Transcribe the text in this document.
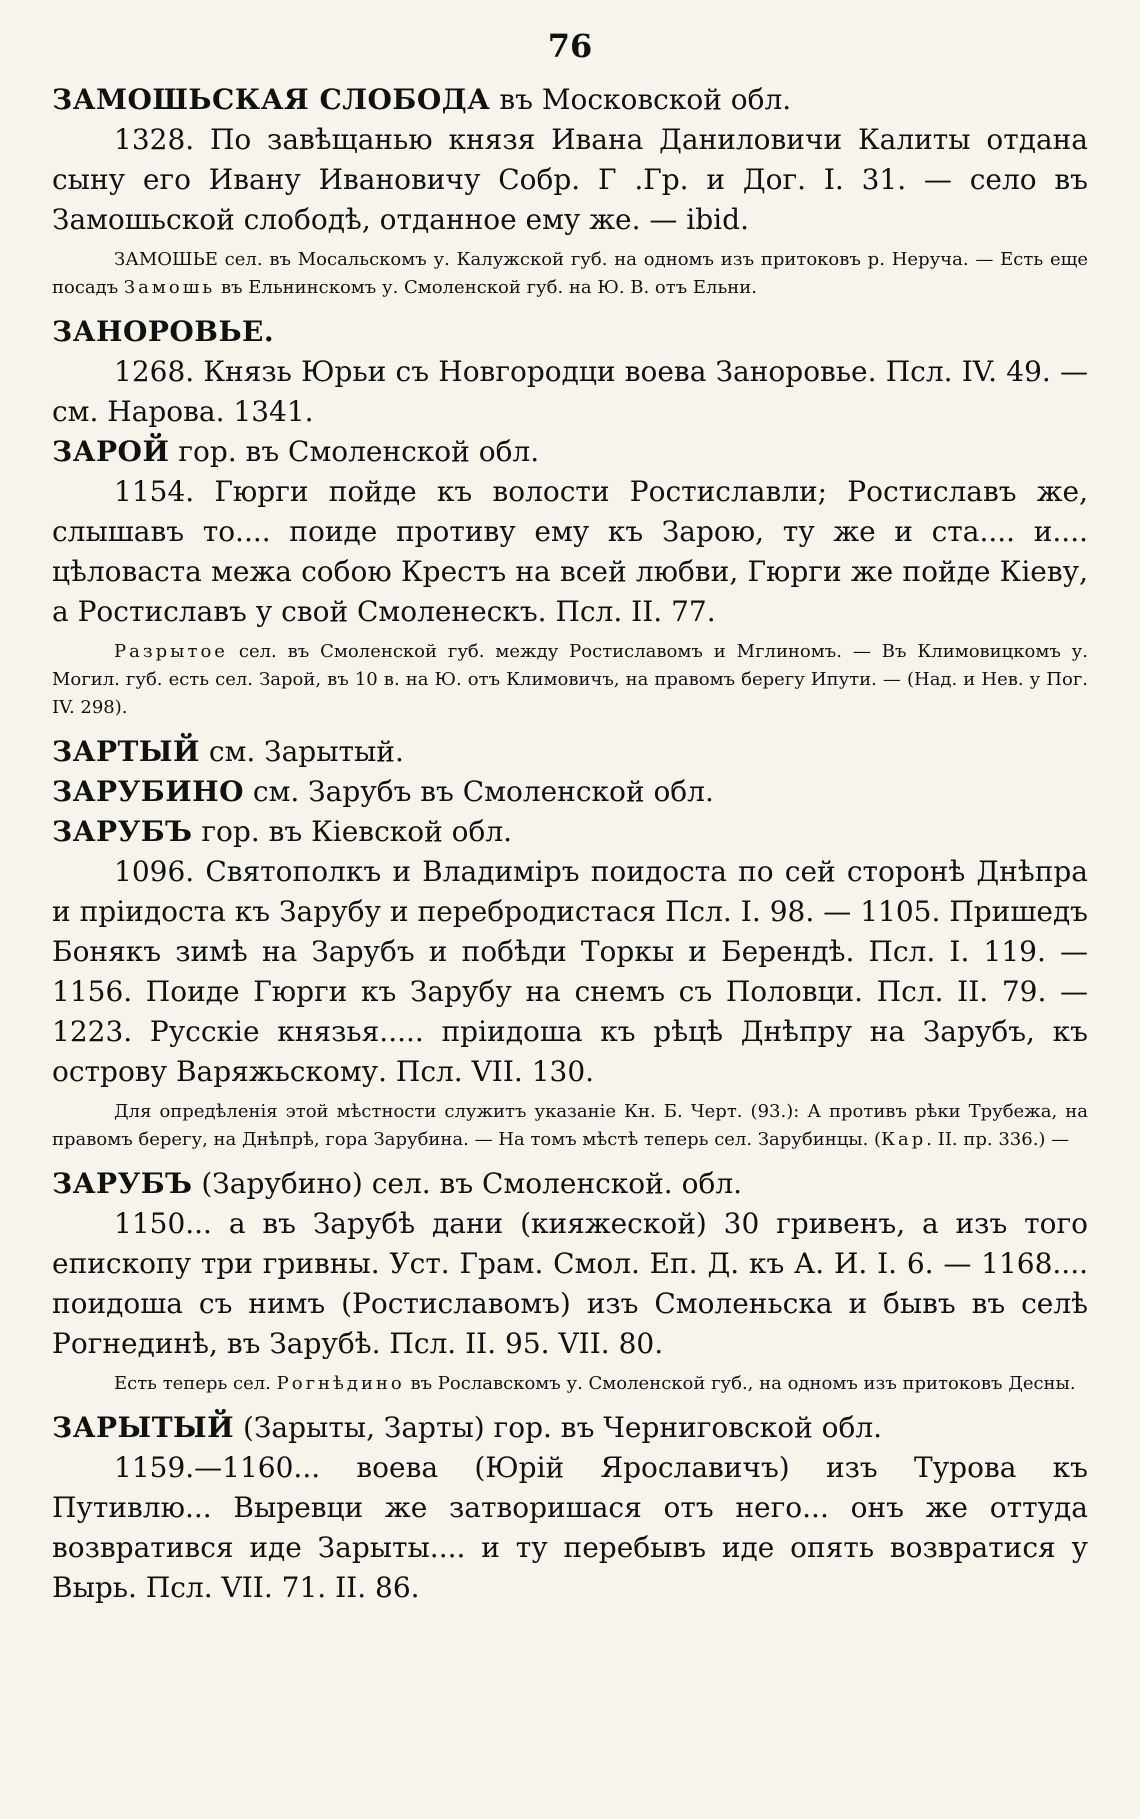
76

ЗАМОШЬСКАЯ СЛОБОДА въ Московской обл.

1328. По завѣщанью князя Ивана Даниловичи Калиты отдана сыну его Ивану Ивановичу Собр. Г .Гр. и Дог. I. 31. — село въ Замошьской слободѣ, отданное ему же. — ibid.

ЗАМОШЬЕ сел. въ Мосальскомъ у. Калужской губ. на одномъ изъ притоковъ р. Неруча. — Есть еще посадъ Замошь въ Ельнинскомъ у. Смоленской губ. на Ю. В. отъ Ельни.

ЗАНОРОВЬЕ.

1268. Князь Юрьи съ Новгородци воева Заноровье. Псл. IV. 49. — см. Нарова. 1341.

ЗАРОЙ гор. въ Смоленской обл.

1154. Гюрги пойде къ волости Ростиславли; Ростиславъ же, слышавъ то.... поиде противу ему къ Зарою, ту же и ста.... и.... цѣловаста межа собою Крестъ на всей любви, Гюрги же пойде Кіеву, а Ростиславъ у свой Смоленескъ. Псл. II. 77.

Разрытое сел. въ Смоленской губ. между Ростиславомъ и Мглиномъ. — Въ Климовицкомъ у. Могил. губ. есть сел. Зарой, въ 10 в. на Ю. отъ Климовичъ, на правомъ берегу Ипути. — (Над. и Нев. у Пог. IV. 298).

ЗАРТЫЙ см. Зарытый.

ЗАРУБИНО см. Зарубъ въ Смоленской обл.

ЗАРУБЪ гор. въ Кіевской обл.

1096. Святополкъ и Владиміръ поидоста по сей сторонѣ Днѣпра и пріидоста къ Зарубу и перебродистася Псл. I. 98. — 1105. Пришедъ Бонякъ зимѣ на Зарубъ и побѣди Торкы и Берендѣ. Псл. I. 119. — 1156. Поиде Гюрги къ Зарубу на снемъ съ Половци. Псл. II. 79. — 1223. Русскіе князья..... пріидоша къ рѣцѣ Днѣпру на Зарубъ, къ острову Варяжьскому. Псл. VII. 130.

Для опредѣленія этой мѣстности служитъ указаніе Кн. Б. Черт. (93.): А противъ рѣки Трубежа, на правомъ берегу, на Днѣпрѣ, гора Зарубина. — На томъ мѣстѣ теперь сел. Зарубинцы. (Кар. II. пр. 336.) —

ЗАРУБЪ (Зарубино) сел. въ Смоленской. обл.

1150... а въ Зарубѣ дани (кияжеской) 30 гривенъ, а изъ того епископу три гривны. Уст. Грам. Смол. Еп. Д. къ А. И. I. 6. — 1168.... поидоша съ нимъ (Ростиславомъ) изъ Смоленьска и бывъ въ селѣ Рогнединѣ, въ Зарубѣ. Псл. II. 95. VII. 80.

Есть теперь сел. Рогнѣдино въ Рославскомъ у. Смоленской губ., на одномъ изъ притоковъ Десны.

ЗАРЫТЫЙ (Зарыты, Зарты) гор. въ Черниговской обл.

1159.—1160... воева (Юрій Ярославичъ) изъ Турова къ Путивлю... Выревци же затворишася отъ него... онъ же оттуда возвратився иде Зарыты.... и ту перебывъ иде опять возвратися у Вырь. Псл. VII. 71. II. 86.
